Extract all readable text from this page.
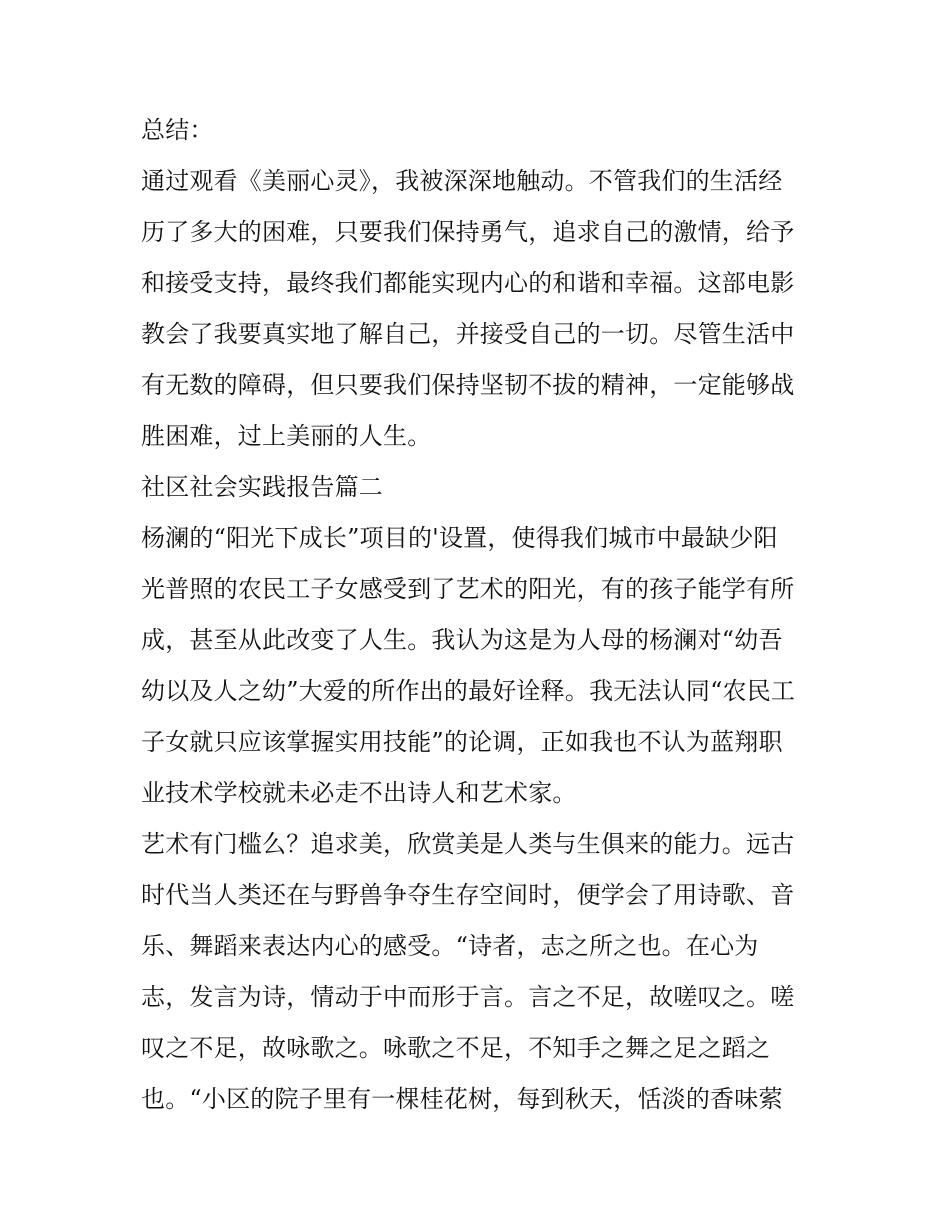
总结：
通过观看《美丽心灵》，我被深深地触动。不管我们的生活经
历了多大的困难，只要我们保持勇气，追求自己的激情，给予
和接受支持，最终我们都能实现内心的和谐和幸福。这部电影
教会了我要真实地了解自己，并接受自己的一切。尽管生活中
有无数的障碍，但只要我们保持坚韧不拔的精神，一定能够战
胜困难，过上美丽的人生。
社区社会实践报告篇二
杨澜的“阳光下成长”项目的'设置，使得我们城市中最缺少阳
光普照的农民工子女感受到了艺术的阳光，有的孩子能学有所
成，甚至从此改变了人生。我认为这是为人母的杨澜对“幼吾
幼以及人之幼”大爱的所作出的最好诠释。我无法认同“农民工
子女就只应该掌握实用技能”的论调，正如我也不认为蓝翔职
业技术学校就未必走不出诗人和艺术家。
艺术有门槛么？追求美，欣赏美是人类与生俱来的能力。远古
时代当人类还在与野兽争夺生存空间时，便学会了用诗歌、音
乐、舞蹈来表达内心的感受。“诗者，志之所之也。在心为
志，发言为诗，情动于中而形于言。言之不足，故嗟叹之。嗟
叹之不足，故咏歌之。咏歌之不足，不知手之舞之足之蹈之
也。“小区的院子里有一棵桂花树，每到秋天，恬淡的香味萦
